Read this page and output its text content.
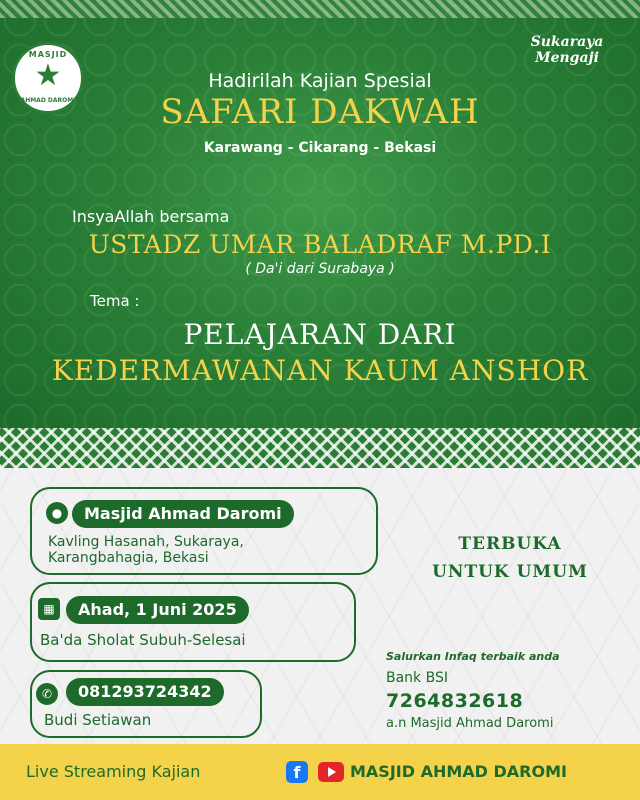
MASJID
★
AHMAD DAROMI
Sukaraya
Mengaji
Hadirilah Kajian Spesial
SAFARI DAKWAH
Karawang - Cikarang - Bekasi
InsyaAllah bersama
USTADZ UMAR BALADRAF M.PD.I
( Da'i dari Surabaya )
Tema :
PELAJARAN DARI
KEDERMAWANAN KAUM ANSHOR
●	Masjid Ahmad Daromi
Kavling Hasanah, Sukaraya,
Karangbahagia, Bekasi
▦	Ahad, 1 Juni 2025
Ba'da Sholat Subuh-Selesai
✆	081293724342
Budi Setiawan
TERBUKA
UNTUK UMUM
Salurkan Infaq terbaik anda
Bank BSI
7264832618
a.n Masjid Ahmad Daromi
Live Streaming Kajian	f	MASJID AHMAD DAROMI
